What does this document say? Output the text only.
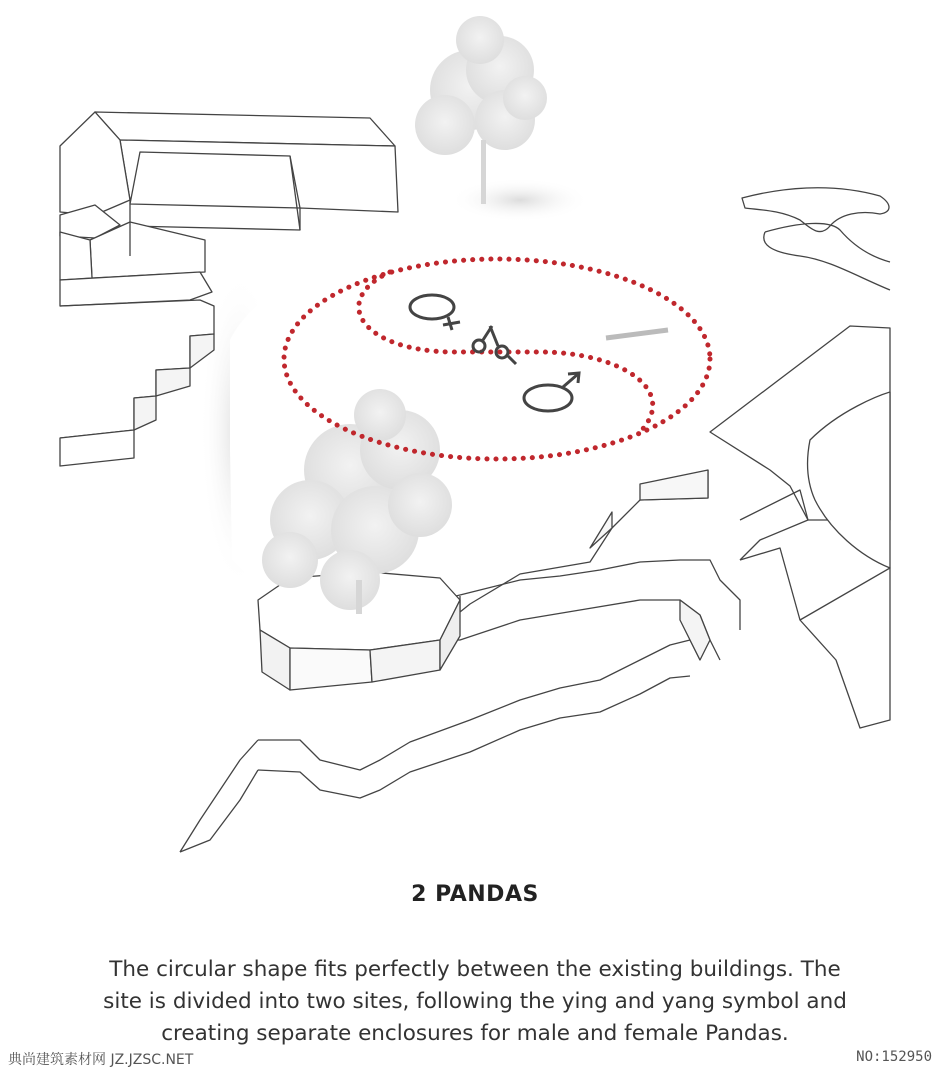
2 PANDAS
The circular shape fits perfectly between the existing buildings. The
site is divided into two sites, following the ying and yang symbol and
creating separate enclosures for male and female Pandas.
典尚建筑素材网 JZ.JZSC.NET	NO:152950
